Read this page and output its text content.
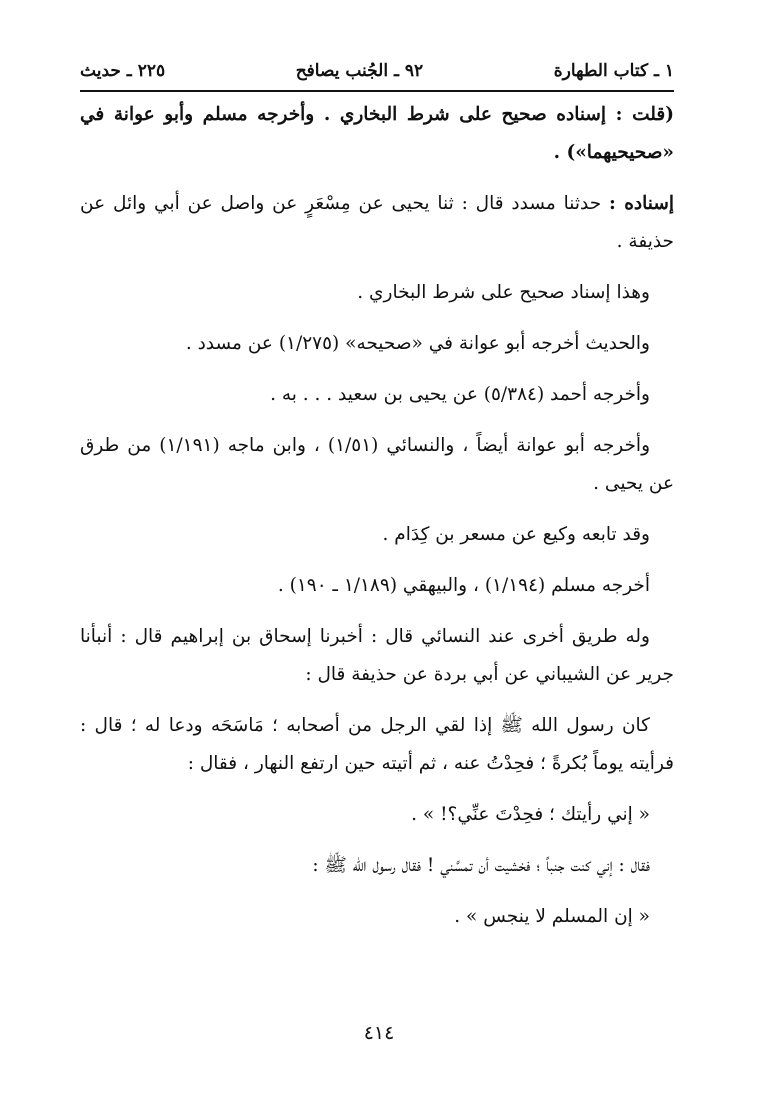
١ ـ كتاب الطهارة
٩٢ ـ الجُنب يصافح
٢٢٥ ـ حديث

(قلت : إسناده صحيح على شرط البخاري . وأخرجه مسلم وأبو عوانة في «صحيحيهما») .

إسناده : حدثنا مسدد قال : ثنا يحيى عن مِسْعَرٍ عن واصل عن أبي وائل عن حذيفة .

وهذا إسناد صحيح على شرط البخاري .

والحديث أخرجه أبو عوانة في «صحيحه» (١/٢٧٥) عن مسدد .

وأخرجه أحمد (٥/٣٨٤) عن يحيى بن سعيد . . . به .

وأخرجه أبو عوانة أيضاً ، والنسائي (١/٥١) ، وابن ماجه (١/١٩١) من طرق عن يحيى .

وقد تابعه وكيع عن مسعر بن كِدَام .

أخرجه مسلم (١/١٩٤) ، والبيهقي (١/١٨٩ ـ ١٩٠) .

وله طريق أخرى عند النسائي قال : أخبرنا إسحاق بن إبراهيم قال : أنبأنا جرير عن الشيباني عن أبي بردة عن حذيفة قال :

كان رسول الله ﷺ إذا لقي الرجل من أصحابه ؛ مَاسَحَه ودعا له ؛ قال : فرأيته يوماً بُكرةً ؛ فحِدْتُ عنه ، ثم أتيته حين ارتفع النهار ، فقال :

« إني رأيتك ؛ فحِدْتَ عنِّي؟! » .

فقال : إني كنت جنباً ؛ فخشيت أن تمسَّني ! فقال رسول الله ﷺ :

« إن المسلم لا ينجس » .

٤١٤
